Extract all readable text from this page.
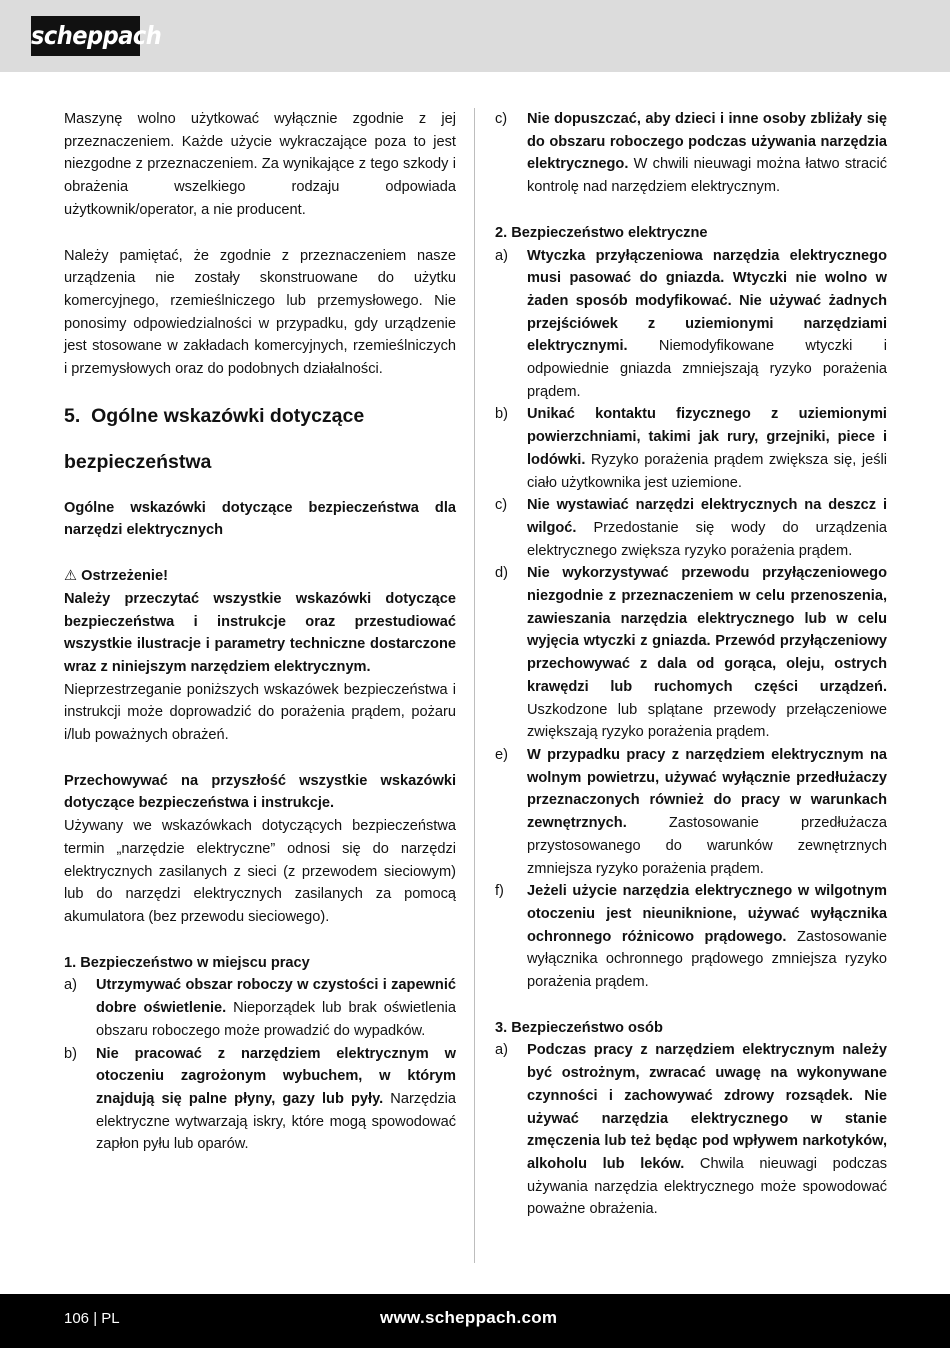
scheppach

Maszynę wolno użytkować wyłącznie zgodnie z jej przeznaczeniem. Każde użycie wykraczające poza to jest niezgodne z przeznaczeniem. Za wynikające z tego szkody i obrażenia wszelkiego rodzaju odpowiada użytkownik/operator, a nie producent.

Należy pamiętać, że zgodnie z przeznaczeniem nasze urządzenia nie zostały skonstruowane do użytku komercyjnego, rzemieślniczego lub przemysłowego. Nie ponosimy odpowiedzialności w przypadku, gdy urządzenie jest stosowane w zakładach komercyjnych, rzemieślniczych i przemysłowych oraz do podobnych działalności.

5. Ogólne wskazówki dotyczące bezpieczeństwa

Ogólne wskazówki dotyczące bezpieczeństwa dla narzędzi elektrycznych

⚠ Ostrzeżenie!

Należy przeczytać wszystkie wskazówki dotyczące bezpieczeństwa i instrukcje oraz przestudiować wszystkie ilustracje i parametry techniczne dostarczone wraz z niniejszym narzędziem elektrycznym.

Nieprzestrzeganie poniższych wskazówek bezpieczeństwa i instrukcji może doprowadzić do porażenia prądem, pożaru i/lub poważnych obrażeń.

Przechowywać na przyszłość wszystkie wskazówki dotyczące bezpieczeństwa i instrukcje.

Używany we wskazówkach dotyczących bezpieczeństwa termin „narzędzie elektryczne” odnosi się do narzędzi elektrycznych zasilanych z sieci (z przewodem sieciowym) lub do narzędzi elektrycznych zasilanych za pomocą akumulatora (bez przewodu sieciowego).

1. Bezpieczeństwo w miejscu pracy

a)	Utrzymywać obszar roboczy w czystości i zapewnić dobre oświetlenie. Nieporządek lub brak oświetlenia obszaru roboczego może prowadzić do wypadków.
b)	Nie pracować z narzędziem elektrycznym w otoczeniu zagrożonym wybuchem, w którym znajdują się palne płyny, gazy lub pyły. Narzędzia elektryczne wytwarzają iskry, które mogą spowodować zapłon pyłu lub oparów.
c)	Nie dopuszczać, aby dzieci i inne osoby zbliżały się do obszaru roboczego podczas używania narzędzia elektrycznego. W chwili nieuwagi można łatwo stracić kontrolę nad narzędziem elektrycznym.

2. Bezpieczeństwo elektryczne

a)	Wtyczka przyłączeniowa narzędzia elektrycznego musi pasować do gniazda. Wtyczki nie wolno w żaden sposób modyfikować. Nie używać żadnych przejściówek z uziemionymi narzędziami elektrycznymi. Niemodyfikowane wtyczki i odpowiednie gniazda zmniejszają ryzyko porażenia prądem.
b)	Unikać kontaktu fizycznego z uziemionymi powierzchniami, takimi jak rury, grzejniki, piece i lodówki. Ryzyko porażenia prądem zwiększa się, jeśli ciało użytkownika jest uziemione.
c)	Nie wystawiać narzędzi elektrycznych na deszcz i wilgoć. Przedostanie się wody do urządzenia elektrycznego zwiększa ryzyko porażenia prądem.
d)	Nie wykorzystywać przewodu przyłączeniowego niezgodnie z przeznaczeniem w celu przenoszenia, zawieszania narzędzia elektrycznego lub w celu wyjęcia wtyczki z gniazda. Przewód przyłączeniowy przechowywać z dala od gorąca, oleju, ostrych krawędzi lub ruchomych części urządzeń. Uszkodzone lub splątane przewody przełączeniowe zwiększają ryzyko porażenia prądem.
e)	W przypadku pracy z narzędziem elektrycznym na wolnym powietrzu, używać wyłącznie przedłużaczy przeznaczonych również do pracy w warunkach zewnętrznych. Zastosowanie przedłużacza przystosowanego do warunków zewnętrznych zmniejsza ryzyko porażenia prądem.
f)	Jeżeli użycie narzędzia elektrycznego w wilgotnym otoczeniu jest nieuniknione, używać wyłącznika ochronnego różnicowo prądowego. Zastosowanie wyłącznika ochronnego prądowego zmniejsza ryzyko porażenia prądem.

3. Bezpieczeństwo osób

a)	Podczas pracy z narzędziem elektrycznym należy być ostrożnym, zwracać uwagę na wykonywane czynności i zachowywać zdrowy rozsądek. Nie używać narzędzia elektrycznego w stanie zmęczenia lub też będąc pod wpływem narkotyków, alkoholu lub leków. Chwila nieuwagi podczas używania narzędzia elektrycznego może spowodować poważne obrażenia.
106 | PL	www.scheppach.com
